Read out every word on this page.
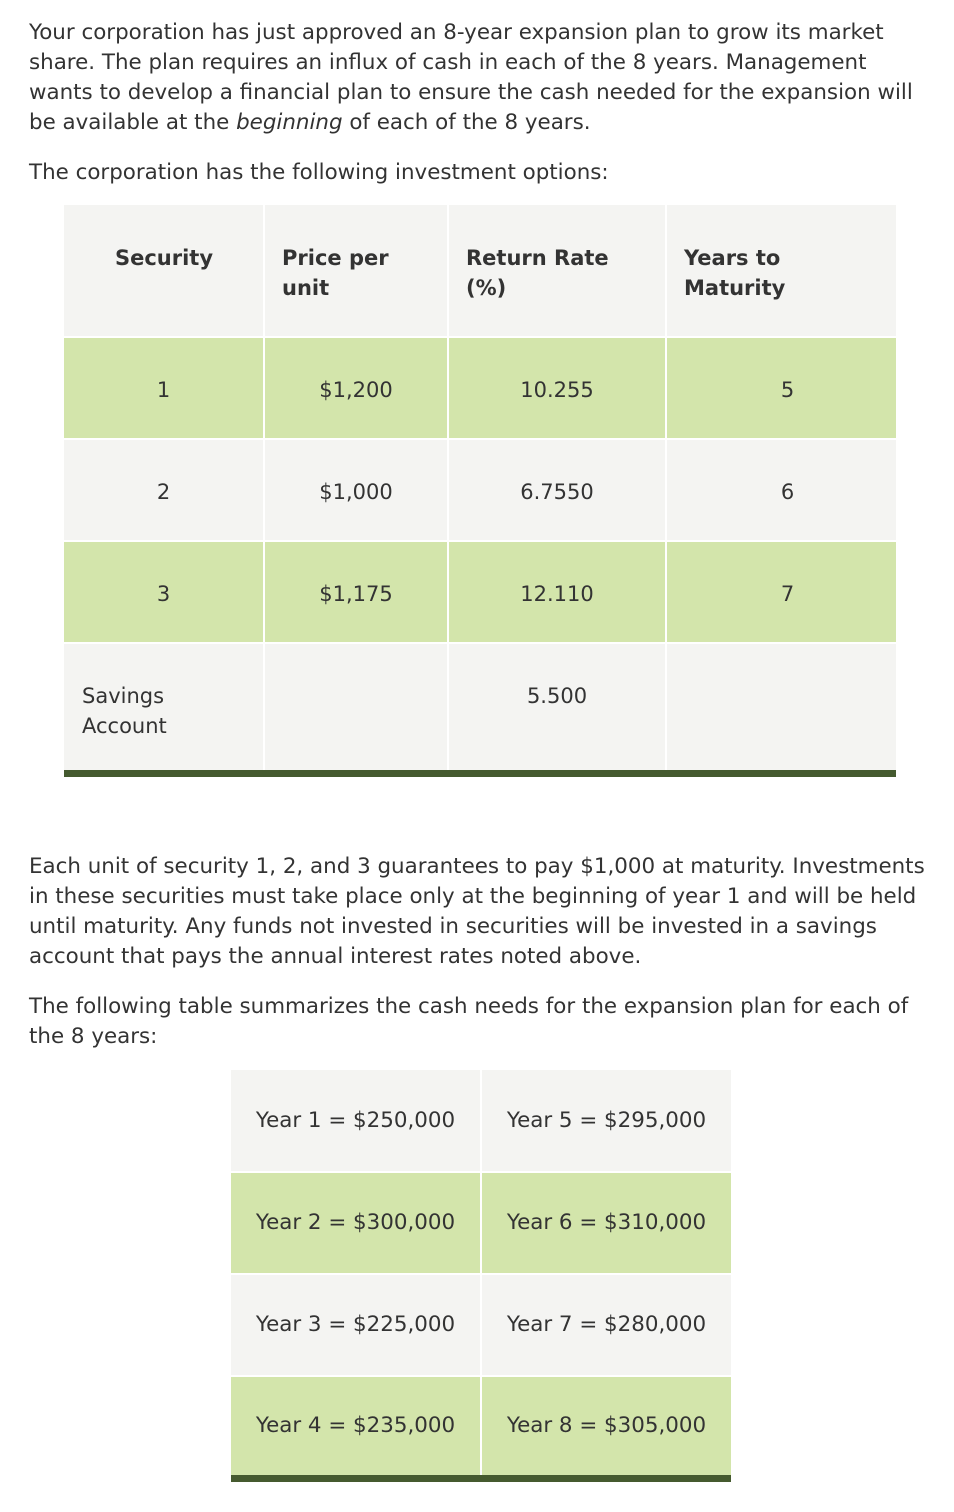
Your corporation has just approved an 8-year expansion plan to grow its market share. The plan requires an influx of cash in each of the 8 years. Management wants to develop a financial plan to ensure the cash needed for the expansion will be available at the beginning of each of the 8 years.

The corporation has the following investment options:

Security	Price per unit	Return Rate (%)	Years to Maturity
1	$1,200	10.255	5
2	$1,000	6.7550	6
3	$1,175	12.110	7
Savings Account		5.500	

Each unit of security 1, 2, and 3 guarantees to pay $1,000 at maturity. Investments in these securities must take place only at the beginning of year 1 and will be held until maturity. Any funds not invested in securities will be invested in a savings account that pays the annual interest rates noted above.

The following table summarizes the cash needs for the expansion plan for each of the 8 years:

Year 1 = $250,000	Year 5 = $295,000
Year 2 = $300,000	Year 6 = $310,000
Year 3 = $225,000	Year 7 = $280,000
Year 4 = $235,000	Year 8 = $305,000
